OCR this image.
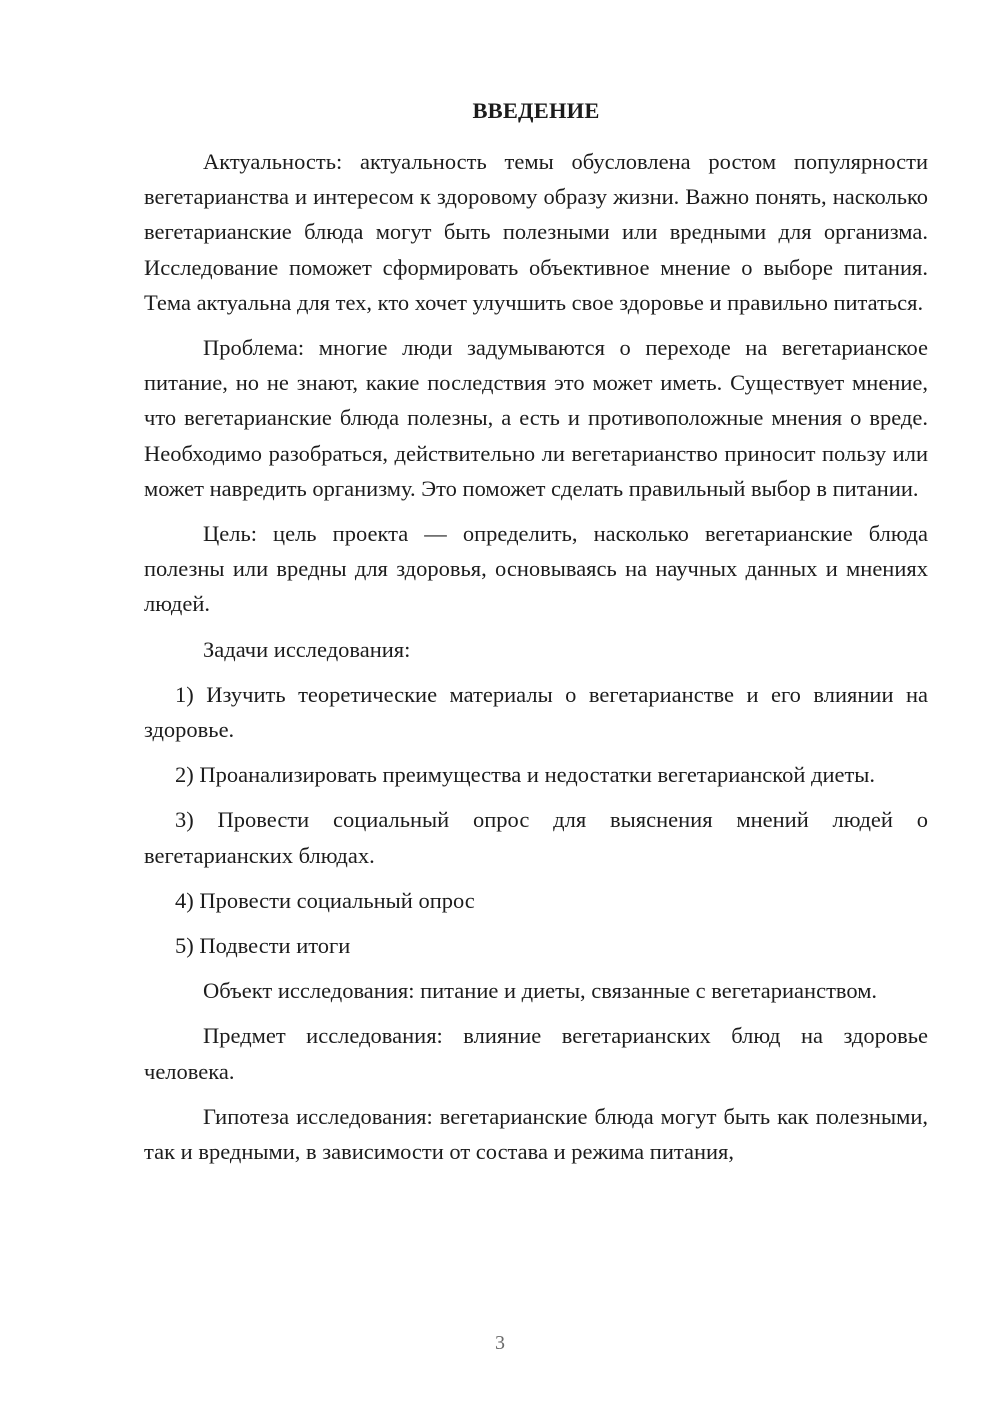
ВВЕДЕНИЕ

Актуальность: актуальность темы обусловлена ростом популярности вегетарианства и интересом к здоровому образу жизни. Важно понять, насколько вегетарианские блюда могут быть полезными или вредными для организма. Исследование поможет сформировать объективное мнение о выборе питания. Тема актуальна для тех, кто хочет улучшить свое здоровье и правильно питаться.

Проблема: многие люди задумываются о переходе на вегетарианское питание, но не знают, какие последствия это может иметь. Существует мнение, что вегетарианские блюда полезны, а есть и противоположные мнения о вреде. Необходимо разобраться, действительно ли вегетарианство приносит пользу или может навредить организму. Это поможет сделать правильный выбор в питании.

Цель: цель проекта — определить, насколько вегетарианские блюда полезны или вредны для здоровья, основываясь на научных данных и мнениях людей.

Задачи исследования:

1) Изучить теоретические материалы о вегетарианстве и его влиянии на здоровье.

2) Проанализировать преимущества и недостатки вегетарианской диеты.

3) Провести социальный опрос для выяснения мнений людей о вегетарианских блюдах.

4) Провести социальный опрос

5) Подвести итоги

Объект исследования: питание и диеты, связанные с вегетарианством.

Предмет исследования: влияние вегетарианских блюд на здоровье человека.

Гипотеза исследования: вегетарианские блюда могут быть как полезными, так и вредными, в зависимости от состава и режима питания,

3
